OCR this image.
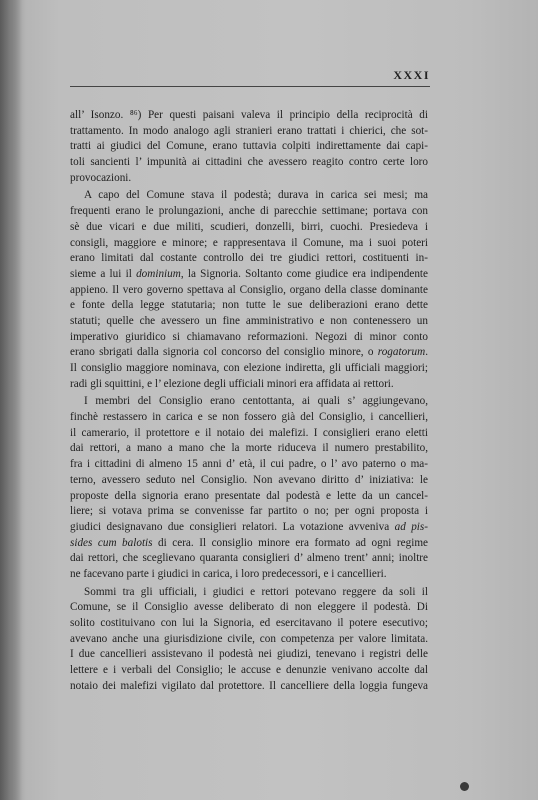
XXXI
all’ Isonzo. ⁸⁶) Per questi paisani valeva il principio della reciprocità di
trattamento. In modo analogo agli stranieri erano trattati i chierici, che sot-
tratti ai giudici del Comune, erano tuttavia colpiti indirettamente dai capi-
toli sancienti l’ impunità ai cittadini che avessero reagito contro certe loro
provocazioni.
A capo del Comune stava il podestà; durava in carica sei mesi; ma
frequenti erano le prolungazioni, anche di parecchie settimane; portava con
sè due vicari e due militi, scudieri, donzelli, birri, cuochi. Presiedeva i
consigli, maggiore e minore; e rappresentava il Comune, ma i suoi poteri
erano limitati dal costante controllo dei tre giudici rettori, costituenti in-
sieme a lui il dominium, la Signoria. Soltanto come giudice era indipendente
appieno. Il vero governo spettava al Consiglio, organo della classe dominante
e fonte della legge statutaria; non tutte le sue deliberazioni erano dette
statuti; quelle che avessero un fine amministrativo e non contenessero un
imperativo giuridico si chiamavano reformazioni. Negozi di minor conto
erano sbrigati dalla signoria col concorso del consiglio minore, o rogatorum.
Il consiglio maggiore nominava, con elezione indiretta, gli ufficiali maggiori;
radi gli squittini, e l’ elezione degli ufficiali minori era affidata ai rettori.
I membri del Consiglio erano centottanta, ai quali s’ aggiungevano,
finchè restassero in carica e se non fossero già del Consiglio, i cancellieri,
il camerario, il protettore e il notaio dei malefizi. I consiglieri erano eletti
dai rettori, a mano a mano che la morte riduceva il numero prestabilito,
fra i cittadini di almeno 15 anni d’ età, il cui padre, o l’ avo paterno o ma-
terno, avessero seduto nel Consiglio. Non avevano diritto d’ iniziativa: le
proposte della signoria erano presentate dal podestà e lette da un cancel-
liere; si votava prima se convenisse far partito o no; per ogni proposta i
giudici designavano due consiglieri relatori. La votazione avveniva ad pis-
sides cum balotis di cera. Il consiglio minore era formato ad ogni regime
dai rettori, che sceglievano quaranta consiglieri d’ almeno trent’ anni; inoltre
ne facevano parte i giudici in carica, i loro predecessori, e i cancellieri.
Sommi tra gli ufficiali, i giudici e rettori potevano reggere da soli il
Comune, se il Consiglio avesse deliberato di non eleggere il podestà. Di
solito costituivano con lui la Signoria, ed esercitavano il potere esecutivo;
avevano anche una giurisdizione civile, con competenza per valore limitata.
I due cancellieri assistevano il podestà nei giudizi, tenevano i registri delle
lettere e i verbali del Consiglio; le accuse e denunzie venivano accolte dal
notaio dei malefizi vigilato dal protettore. Il cancelliere della loggia fungeva
